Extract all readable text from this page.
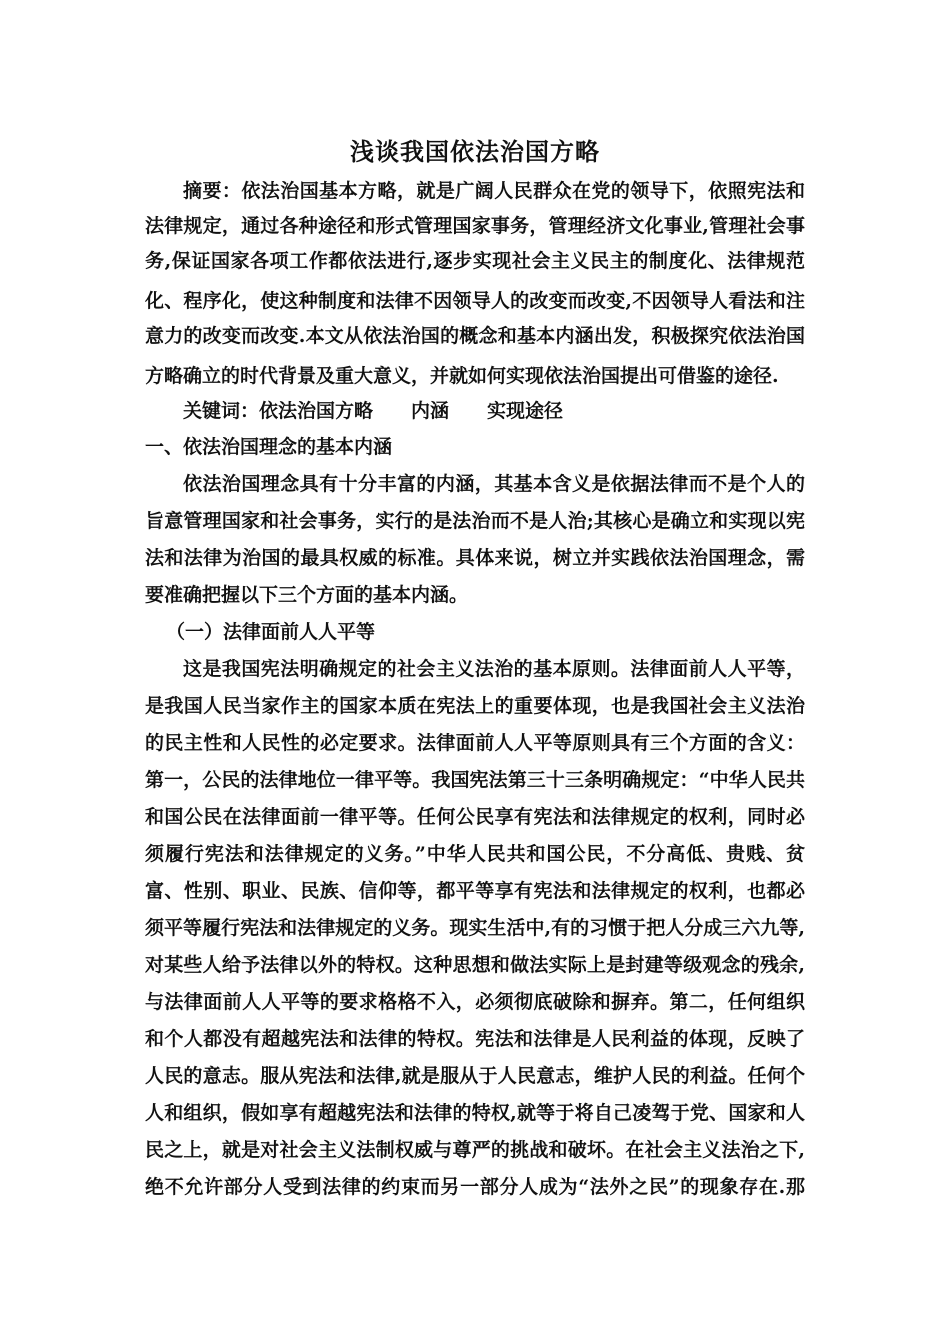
浅谈我国依法治国方略
摘要：依法治国基本方略，就是广阔人民群众在党的领导下，依照宪法和
法律规定，通过各种途径和形式管理国家事务，管理经济文化事业,管理社会事
务,保证国家各项工作都依法进行,逐步实现社会主义民主的制度化、法律规范
化、程序化，使这种制度和法律不因领导人的改变而改变,不因领导人看法和注
意力的改变而改变.本文从依法治国的概念和基本内涵出发，积极探究依法治国
方略确立的时代背景及重大意义，并就如何实现依法治国提出可借鉴的途径.
关键词：依法治国方略 内涵 实现途径
一、依法治国理念的基本内涵
依法治国理念具有十分丰富的内涵，其基本含义是依据法律而不是个人的
旨意管理国家和社会事务，实行的是法治而不是人治;其核心是确立和实现以宪
法和法律为治国的最具权威的标准。具体来说，树立并实践依法治国理念，需
要准确把握以下三个方面的基本内涵。
（一）法律面前人人平等
这是我国宪法明确规定的社会主义法治的基本原则。法律面前人人平等，
是我国人民当家作主的国家本质在宪法上的重要体现，也是我国社会主义法治
的民主性和人民性的必定要求。法律面前人人平等原则具有三个方面的含义：
第一，公民的法律地位一律平等。我国宪法第三十三条明确规定：“中华人民共
和国公民在法律面前一律平等。任何公民享有宪法和法律规定的权利，同时必
须履行宪法和法律规定的义务。”中华人民共和国公民，不分高低、贵贱、贫
富、性别、职业、民族、信仰等，都平等享有宪法和法律规定的权利，也都必
须平等履行宪法和法律规定的义务。现实生活中,有的习惯于把人分成三六九等,
对某些人给予法律以外的特权。这种思想和做法实际上是封建等级观念的残余,
与法律面前人人平等的要求格格不入，必须彻底破除和摒弃。第二，任何组织
和个人都没有超越宪法和法律的特权。宪法和法律是人民利益的体现，反映了
人民的意志。服从宪法和法律,就是服从于人民意志，维护人民的利益。任何个
人和组织，假如享有超越宪法和法律的特权,就等于将自己凌驾于党、国家和人
民之上，就是对社会主义法制权威与尊严的挑战和破坏。在社会主义法治之下,
绝不允许部分人受到法律的约束而另一部分人成为“法外之民”的现象存在.那
